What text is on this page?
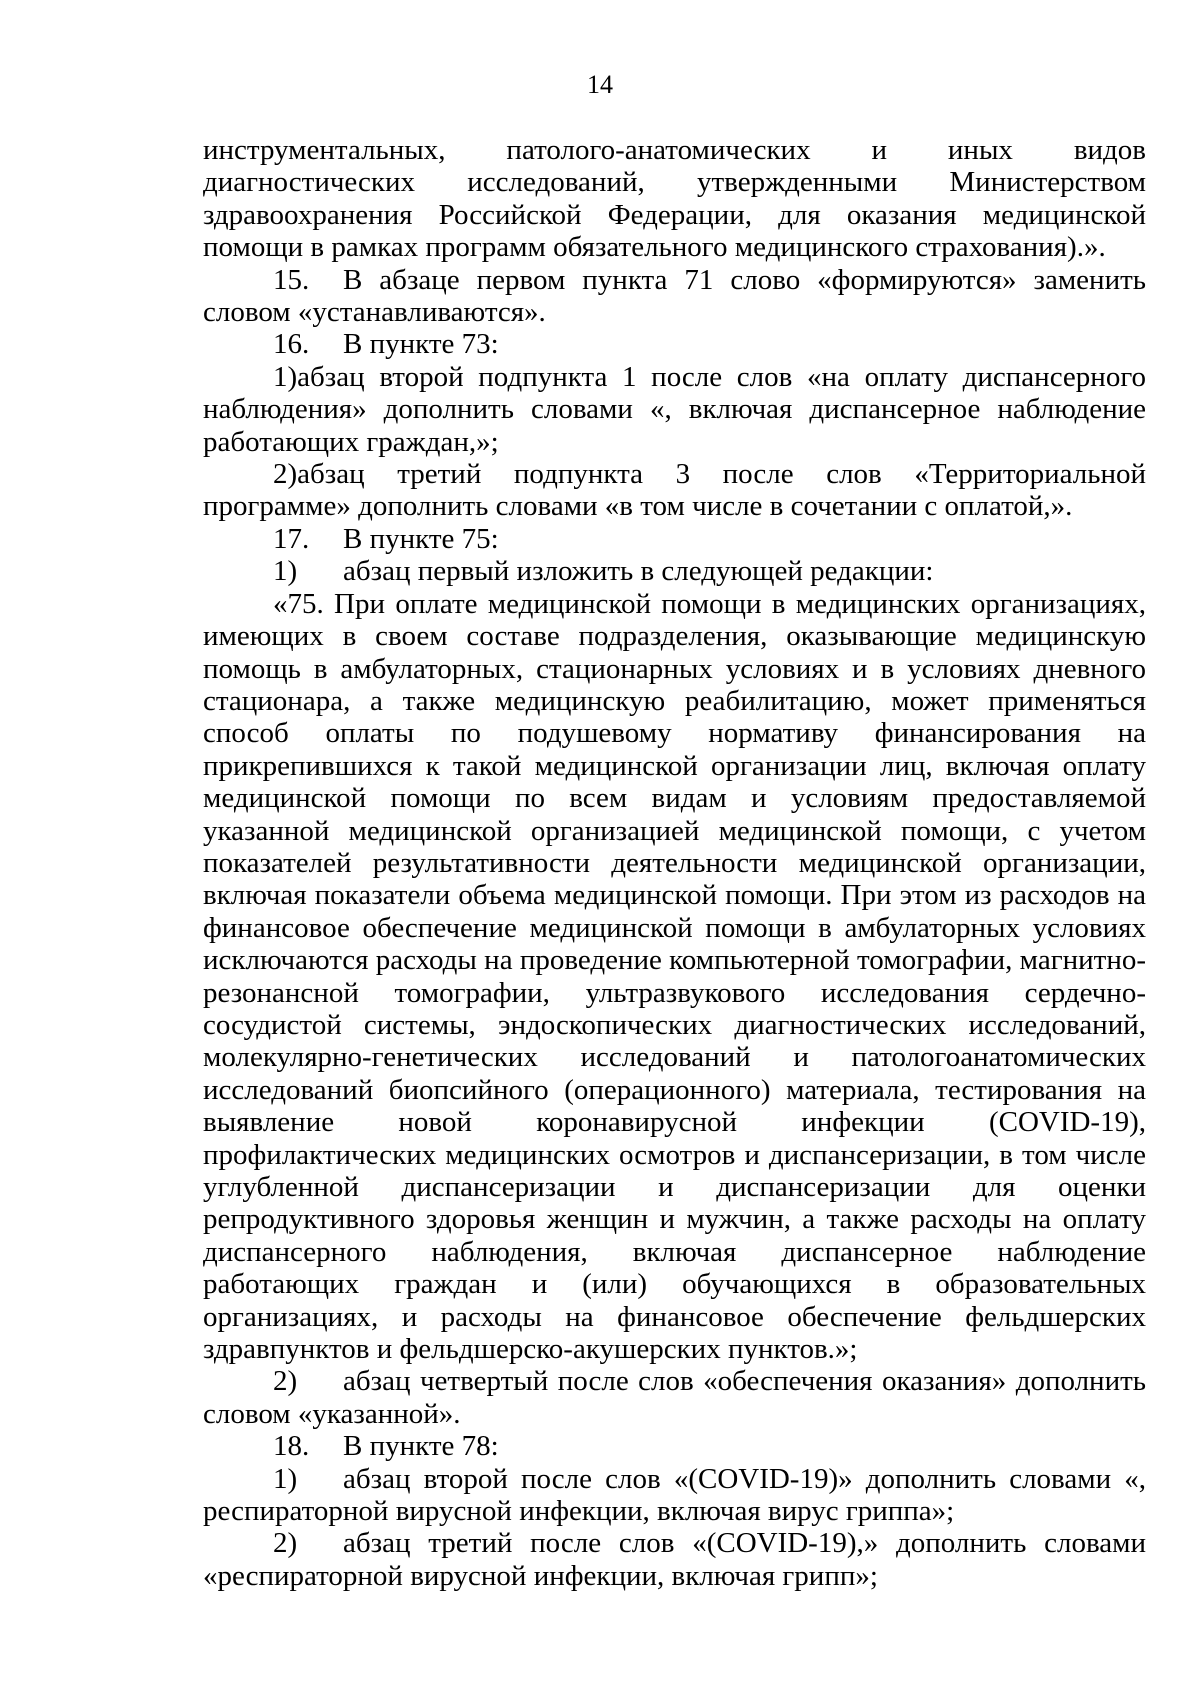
14

инструментальных, патолого-анатомических и иных видов диагностических исследований, утвержденными Министерством здравоохранения Российской Федерации, для оказания медицинской помощи в рамках программ обязательного медицинского страхования).».

15. В абзаце первом пункта 71 слово «формируются» заменить словом «устанавливаются».

16. В пункте 73:

1)абзац второй подпункта 1 после слов «на оплату диспансерного наблюдения» дополнить словами «, включая диспансерное наблюдение работающих граждан,»;

2)абзац третий подпункта 3 после слов «Территориальной программе» дополнить словами «в том числе в сочетании с оплатой,».

17. В пункте 75:

1) абзац первый изложить в следующей редакции:

«75. При оплате медицинской помощи в медицинских организациях, имеющих в своем составе подразделения, оказывающие медицинскую помощь в амбулаторных, стационарных условиях и в условиях дневного стационара, а также медицинскую реабилитацию, может применяться способ оплаты по подушевому нормативу финансирования на прикрепившихся к такой медицинской организации лиц, включая оплату медицинской помощи по всем видам и условиям предоставляемой указанной медицинской организацией медицинской помощи, с учетом показателей результативности деятельности медицинской организации, включая показатели объема медицинской помощи. При этом из расходов на финансовое обеспечение медицинской помощи в амбулаторных условиях исключаются расходы на проведение компьютерной томографии, магнитно-резонансной томографии, ультразвукового исследования сердечно-сосудистой системы, эндоскопических диагностических исследований, молекулярно-генетических исследований и патологоанатомических исследований биопсийного (операционного) материала, тестирования на выявление новой коронавирусной инфекции (COVID-19), профилактических медицинских осмотров и диспансеризации, в том числе углубленной диспансеризации и диспансеризации для оценки репродуктивного здоровья женщин и мужчин, а также расходы на оплату диспансерного наблюдения, включая диспансерное наблюдение работающих граждан и (или) обучающихся в образовательных организациях, и расходы на финансовое обеспечение фельдшерских здравпунктов и фельдшерско-акушерских пунктов.»;

2) абзац четвертый после слов «обеспечения оказания» дополнить словом «указанной».

18. В пункте 78:

1) абзац второй после слов «(COVID-19)» дополнить словами «, респираторной вирусной инфекции, включая вирус гриппа»;

2) абзац третий после слов «(COVID-19),» дополнить словами «респираторной вирусной инфекции, включая грипп»;
